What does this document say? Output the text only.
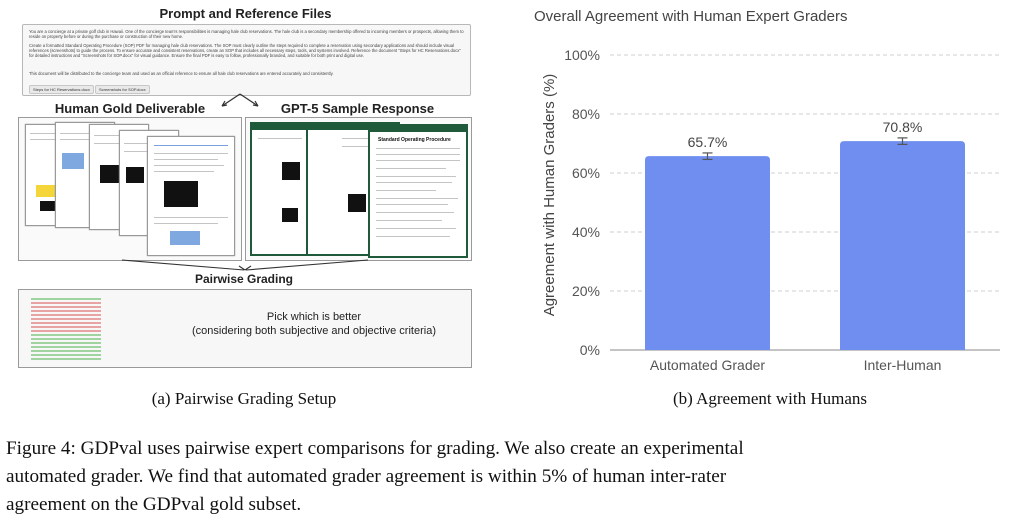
Prompt and Reference Files
You are a concierge at a private golf club in Hawaii. One of the concierge team's responsibilities is managing hale club reservations. The hale club is a secondary membership offered to incoming members or prospects, allowing them to reside on property before or during the purchase or construction of their new home.
Create a formatted Standard Operating Procedure (SOP) PDF for managing hale club reservations. The SOP must clearly outline the steps required to complete a reservation using secondary applications and should include visual references (screenshots) to guide the process. To ensure accurate and consistent reservations, create an SOP that includes all necessary steps, tools, and systems involved. Reference the document "Steps for HC Reservations.docx" for detailed instructions and "Screenshots for SOP.docx" for visual guidance. Ensure the final PDF is easy to follow, professionally branded, and suitable for both print and digital use.
This document will be distributed to the concierge team and used as an official reference to ensure all hale club reservations are entered accurately and consistently.
Steps for HC Reservations.docx	Screenshots for SOP.docx
Human Gold Deliverable	GPT-5 Sample Response
Standard Operating Procedure
Pairwise Grading
Pick which is better
(considering both subjective and objective criteria)
(a) Pairwise Grading Setup
Overall Agreement with Human Expert Graders
0%
20%
40%
60%
80%
100%
65.7%
Automated Grader
70.8%
Inter-Human
Agreement with Human Graders (%)
(b) Agreement with Humans
Figure 4: GDPval uses pairwise expert comparisons for grading. We also create an experimental
automated grader. We find that automated grader agreement is within 5% of human inter-rater
agreement on the GDPval gold subset.
